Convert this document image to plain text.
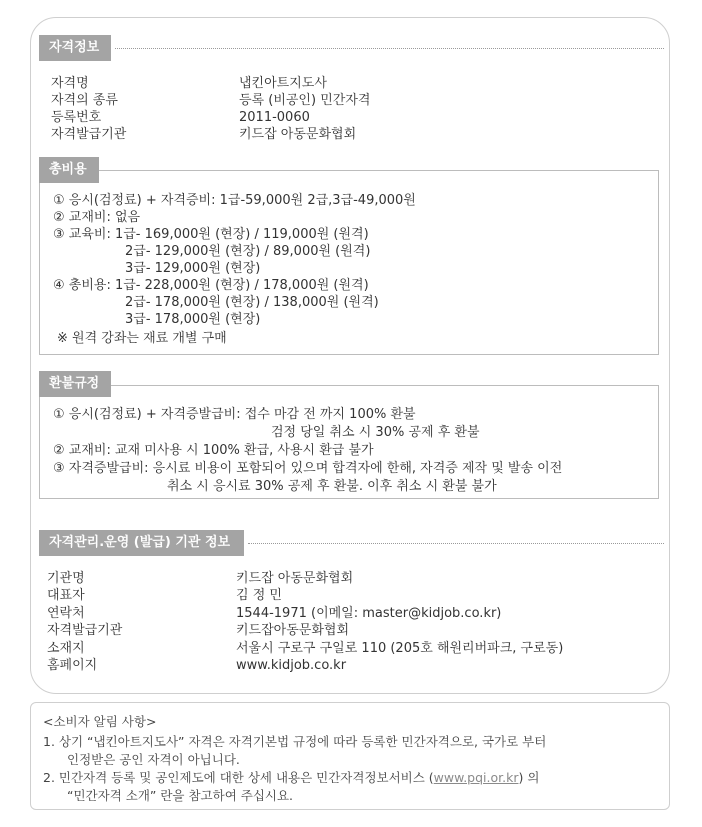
자격정보
자격명	냅킨아트지도사
자격의 종류	등록 (비공인) 민간자격
등록번호	2011-0060
자격발급기관	키드잡 아동문화협회
총비용
① 응시(검정료) + 자격증비: 1급-59,000원 2급,3급-49,000원
② 교재비: 없음
③ 교육비: 1급- 169,000원 (현장) / 119,000원 (원격)
2급- 129,000원 (현장) / 89,000원 (원격)
3급- 129,000원 (현장)
④ 총비용: 1급- 228,000원 (현장) / 178,000원 (원격)
2급- 178,000원 (현장) / 138,000원 (원격)
3급- 178,000원 (현장)
※ 원격 강좌는 재료 개별 구매
환불규정
① 응시(검정료) + 자격증발급비: 접수 마감 전 까지 100% 환불
검정 당일 취소 시 30% 공제 후 환불
② 교재비: 교재 미사용 시 100% 환급, 사용시 환급 불가
③ 자격증발급비: 응시료 비용이 포함되어 있으며 합격자에 한해, 자격증 제작 및 발송 이전
취소 시 응시료 30% 공제 후 환불. 이후 취소 시 환불 불가
자격관리.운영 (발급) 기관 정보
기관명	키드잡 아동문화협회
대표자	김 정 민
연락처	1544-1971 (이메일: master@kidjob.co.kr)
자격발급기관	키드잡아동문화협회
소재지	서울시 구로구 구일로 110 (205호 해원리버파크, 구로동)
홈페이지	www.kidjob.co.kr
<소비자 알림 사항>
1. 상기 “냅킨아트지도사” 자격은 자격기본법 규정에 따라 등록한 민간자격으로, 국가로 부터
인정받은 공인 자격이 아닙니다.
2. 민간자격 등록 및 공인제도에 대한 상세 내용은 민간자격정보서비스 (www.pqi.or.kr) 의
“민간자격 소개” 란을 참고하여 주십시요.
